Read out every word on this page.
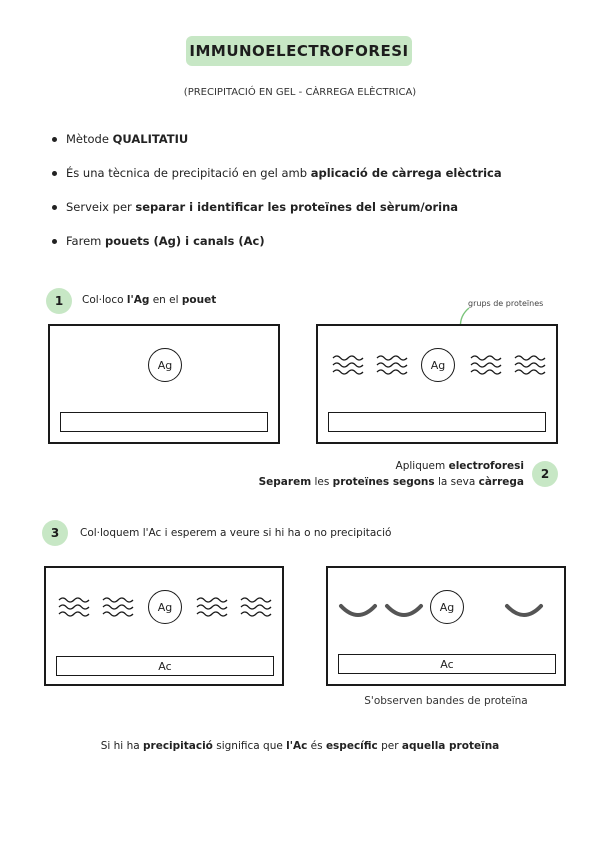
IMMUNOELECTROFORESI
(PRECIPITACIÓ EN GEL - CÀRREGA ELÈCTRICA)
Mètode QUALITATIU
És una tècnica de precipitació en gel amb aplicació de càrrega elèctrica
Serveix per separar i identificar les proteïnes del sèrum/orina
Farem pouets (Ag) i canals (Ac)
1	Col·loco l'Ag en el pouet	grups de proteïnes
Ag	Ag
Apliquem electroforesi
Separem les proteïnes segons la seva càrrega
2
3	Col·loquem l'Ac i esperem a veure si hi ha o no precipitació
Ag
Ac
Ag
Ac
S'observen bandes de proteïna
Si hi ha precipitació significa que l'Ac és específic per aquella proteïna
